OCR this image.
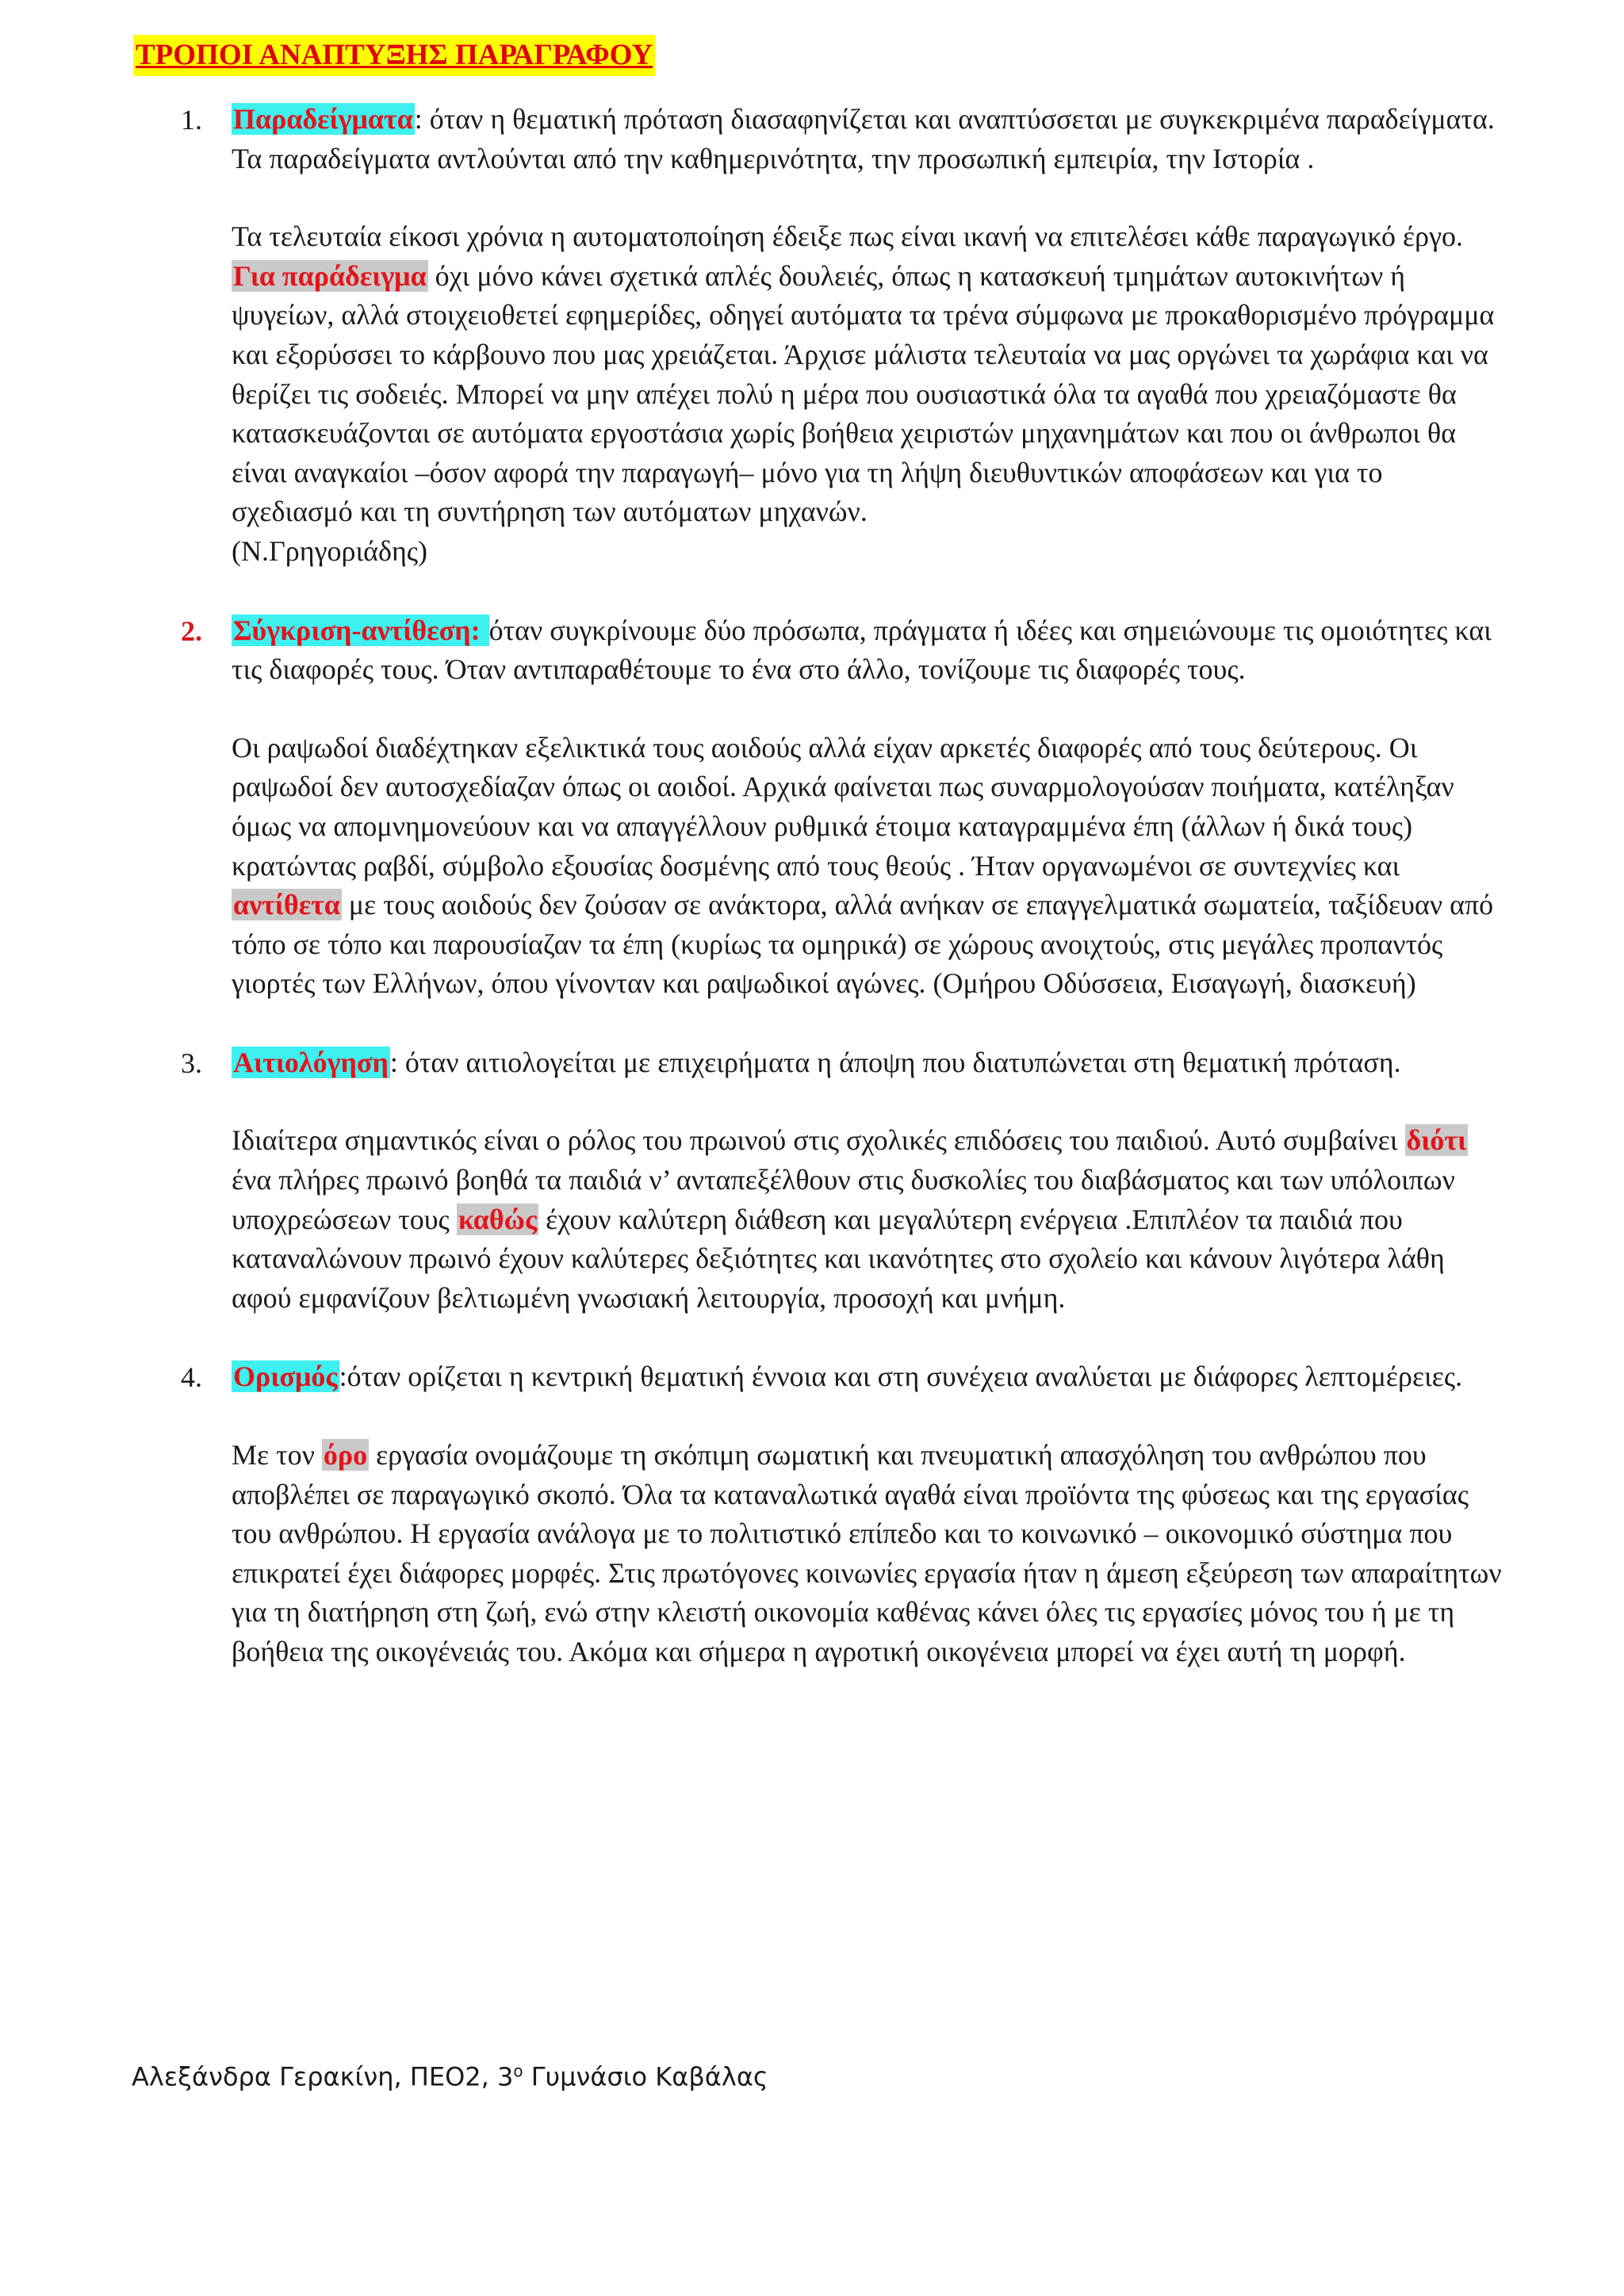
ΤΡΟΠΟΙ ΑΝΑΠΤΥΞΗΣ ΠΑΡΑΓΡΑΦΟΥ
1. Παραδείγματα: όταν η θεματική πρόταση διασαφηνίζεται και αναπτύσσεται με συγκεκριμένα παραδείγματα. Τα παραδείγματα αντλούνται από την καθημερινότητα, την προσωπική εμπειρία, την Ιστορία .

Τα τελευταία είκοσι χρόνια η αυτοματοποίηση έδειξε πως είναι ικανή να επιτελέσει κάθε παραγωγικό έργο. Για παράδειγμα όχι μόνο κάνει σχετικά απλές δουλειές, όπως η κατασκευή τμημάτων αυτοκινήτων ή ψυγείων, αλλά στοιχειοθετεί εφημερίδες, οδηγεί αυτόματα τα τρένα σύμφωνα με προκαθορισμένο πρόγραμμα και εξορύσσει το κάρβουνο που μας χρειάζεται. Άρχισε μάλιστα τελευταία να μας οργώνει τα χωράφια και να θερίζει τις σοδειές. Μπορεί να μην απέχει πολύ η μέρα που ουσιαστικά όλα τα αγαθά που χρειαζόμαστε θα κατασκευάζονται σε αυτόματα εργοστάσια χωρίς βοήθεια χειριστών μηχανημάτων και που οι άνθρωποι θα είναι αναγκαίοι –όσον αφορά την παραγωγή– μόνο για τη λήψη διευθυντικών αποφάσεων και για το σχεδιασμό και τη συντήρηση των αυτόματων μηχανών.
(Ν.Γρηγοριάδης)

2. Σύγκριση-αντίθεση: όταν συγκρίνουμε δύο πρόσωπα, πράγματα ή ιδέες και σημειώνουμε τις ομοιότητες και τις διαφορές τους. Όταν αντιπαραθέτουμε το ένα στο άλλο, τονίζουμε τις διαφορές τους.

Οι ραψωδοί διαδέχτηκαν εξελικτικά τους αοιδούς αλλά είχαν αρκετές διαφορές από τους δεύτερους. Οι ραψωδοί δεν αυτοσχεδίαζαν όπως οι αοιδοί. Αρχικά φαίνεται πως συναρμολογούσαν ποιήματα, κατέληξαν όμως να απομνημονεύουν και να απαγγέλλουν ρυθμικά έτοιμα καταγραμμένα έπη (άλλων ή δικά τους) κρατώντας ραβδί, σύμβολο εξουσίας δοσμένης από τους θεούς . Ήταν οργανωμένοι σε συντεχνίες και αντίθετα με τους αοιδούς δεν ζούσαν σε ανάκτορα, αλλά ανήκαν σε επαγγελματικά σωματεία, ταξίδευαν από τόπο σε τόπο και παρουσίαζαν τα έπη (κυρίως τα ομηρικά) σε χώρους ανοιχτούς, στις μεγάλες προπαντός γιορτές των Ελλήνων, όπου γίνονταν και ραψωδικοί αγώνες. (Ομήρου Οδύσσεια, Εισαγωγή, διασκευή)

3. Αιτιολόγηση: όταν αιτιολογείται με επιχειρήματα η άποψη που διατυπώνεται στη θεματική πρόταση.

Ιδιαίτερα σημαντικός είναι ο ρόλος του πρωινού στις σχολικές επιδόσεις του παιδιού. Αυτό συμβαίνει διότι ένα πλήρες πρωινό βοηθά τα παιδιά ν’ ανταπεξέλθουν στις δυσκολίες του διαβάσματος και των υπόλοιπων υποχρεώσεων τους καθώς έχουν καλύτερη διάθεση και μεγαλύτερη ενέργεια .Επιπλέον τα παιδιά που καταναλώνουν πρωινό έχουν καλύτερες δεξιότητες και ικανότητες στο σχολείο και κάνουν λιγότερα λάθη αφού εμφανίζουν βελτιωμένη γνωσιακή λειτουργία, προσοχή και μνήμη.

4. Ορισμός:όταν ορίζεται η κεντρική θεματική έννοια και στη συνέχεια αναλύεται με διάφορες λεπτομέρειες.

Με τον όρο εργασία ονομάζουμε τη σκόπιμη σωματική και πνευματική απασχόληση του ανθρώπου που αποβλέπει σε παραγωγικό σκοπό. Όλα τα καταναλωτικά αγαθά είναι προϊόντα της φύσεως και της εργασίας του ανθρώπου. Η εργασία ανάλογα με το πολιτιστικό επίπεδο και το κοινωνικό – οικονομικό σύστημα που επικρατεί έχει διάφορες μορφές. Στις πρωτόγονες κοινωνίες εργασία ήταν η άμεση εξεύρεση των απαραίτητων για τη διατήρηση στη ζωή, ενώ στην κλειστή οικονομία καθένας κάνει όλες τις εργασίες μόνος του ή με τη βοήθεια της οικογένειάς του. Ακόμα και σήμερα η αγροτική οικογένεια μπορεί να έχει αυτή τη μορφή.

Αλεξάνδρα Γερακίνη, ΠΕΟ2, $3^o$ Γυμνάσιο Καβάλας
